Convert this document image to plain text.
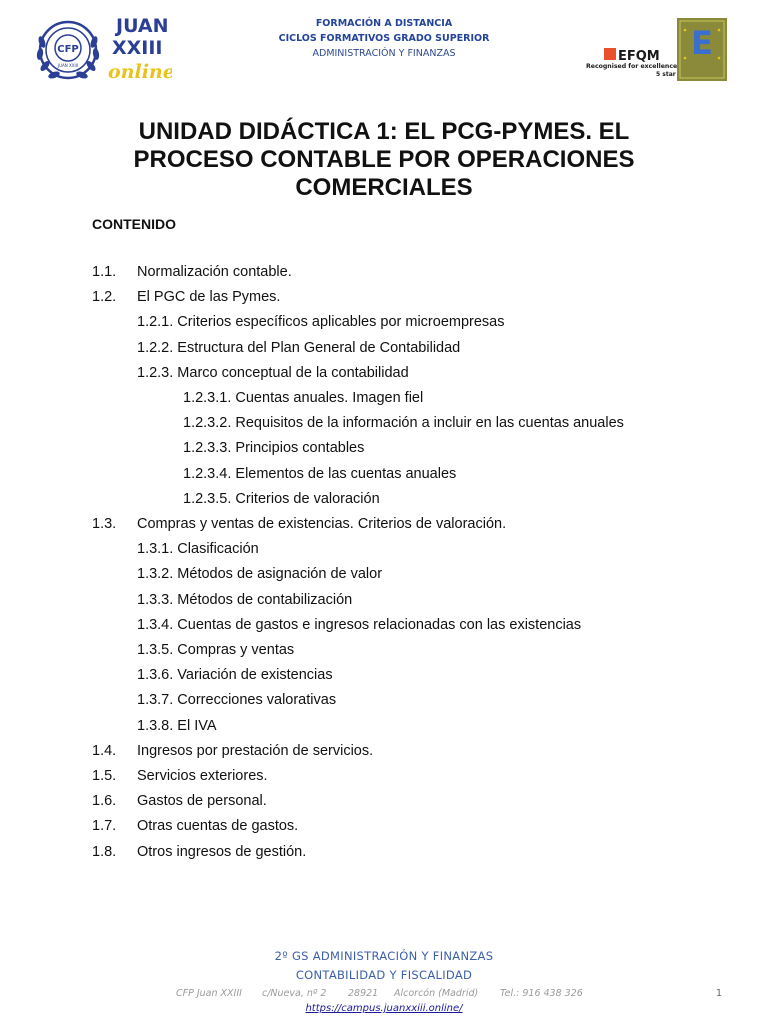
CFP
JUAN XXIII
JUAN
XXIII
online
FORMACIÓN A DISTANCIA
CICLOS FORMATIVOS GRADO SUPERIOR
ADMINISTRACIÓN Y FINANZAS	EFQM
Recognised for excellence
5 star
E
UNIDAD DIDÁCTICA 1: EL PCG-PYMES. EL
PROCESO CONTABLE POR OPERACIONES
COMERCIALES
CONTENIDO
1.1. Normalización contable.
1.2. El PGC de las Pymes.
1.2.1. Criterios específicos aplicables por microempresas
1.2.2. Estructura del Plan General de Contabilidad
1.2.3. Marco conceptual de la contabilidad
1.2.3.1. Cuentas anuales. Imagen fiel
1.2.3.2. Requisitos de la información a incluir en las cuentas anuales
1.2.3.3. Principios contables
1.2.3.4. Elementos de las cuentas anuales
1.2.3.5. Criterios de valoración
1.3. Compras y ventas de existencias. Criterios de valoración.
1.3.1. Clasificación
1.3.2. Métodos de asignación de valor
1.3.3. Métodos de contabilización
1.3.4. Cuentas de gastos e ingresos relacionadas con las existencias
1.3.5. Compras y ventas
1.3.6. Variación de existencias
1.3.7. Correcciones valorativas
1.3.8. El IVA
1.4. Ingresos por prestación de servicios.
1.5. Servicios exteriores.
1.6. Gastos de personal.
1.7. Otras cuentas de gastos.
1.8. Otros ingresos de gestión.
2º GS ADMINISTRACIÓN Y FINANZAS
CONTABILIDAD Y FISCALIDAD
CFP Juan XXIII c/Nueva, nº 2 28921 Alcorcón (Madrid) Tel.: 916 438 326	1
https://campus.juanxxiii.online/
